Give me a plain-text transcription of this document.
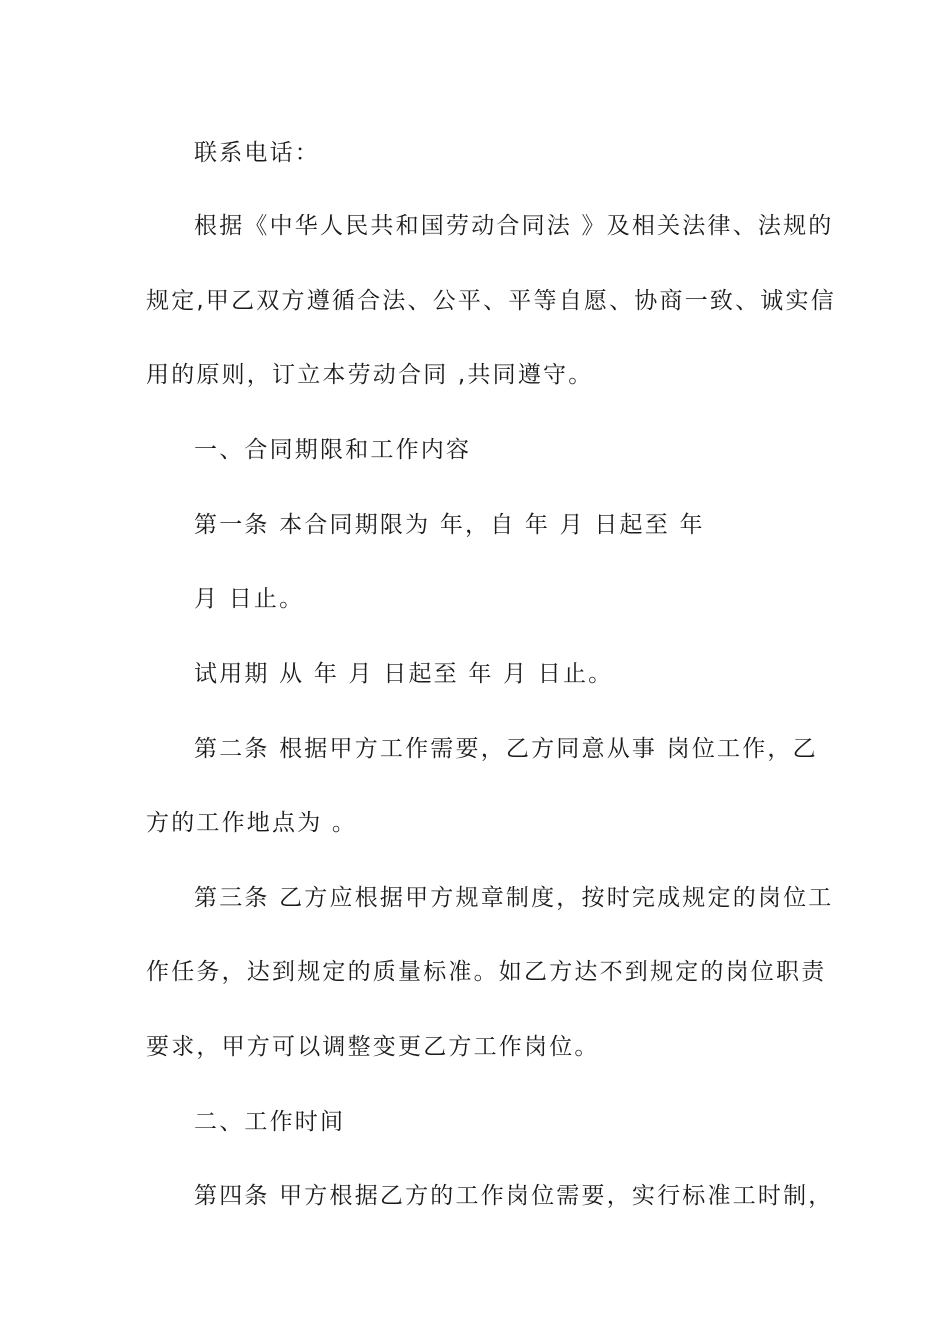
联系电话：
根据《中华人民共和国劳动合同法 》及相关法律、法规的
规定,甲乙双方遵循合法、公平、平等自愿、协商一致、诚实信
用的原则，订立本劳动合同 ,共同遵守。
一、合同期限和工作内容
第一条 本合同期限为 年，自 年 月 日起至 年
月 日止。
试用期 从 年 月 日起至 年 月 日止。
第二条 根据甲方工作需要，乙方同意从事 岗位工作，乙
方的工作地点为 。
第三条 乙方应根据甲方规章制度，按时完成规定的岗位工
作任务，达到规定的质量标准。如乙方达不到规定的岗位职责
要求，甲方可以调整变更乙方工作岗位。
二、工作时间
第四条 甲方根据乙方的工作岗位需要，实行标准工时制，
